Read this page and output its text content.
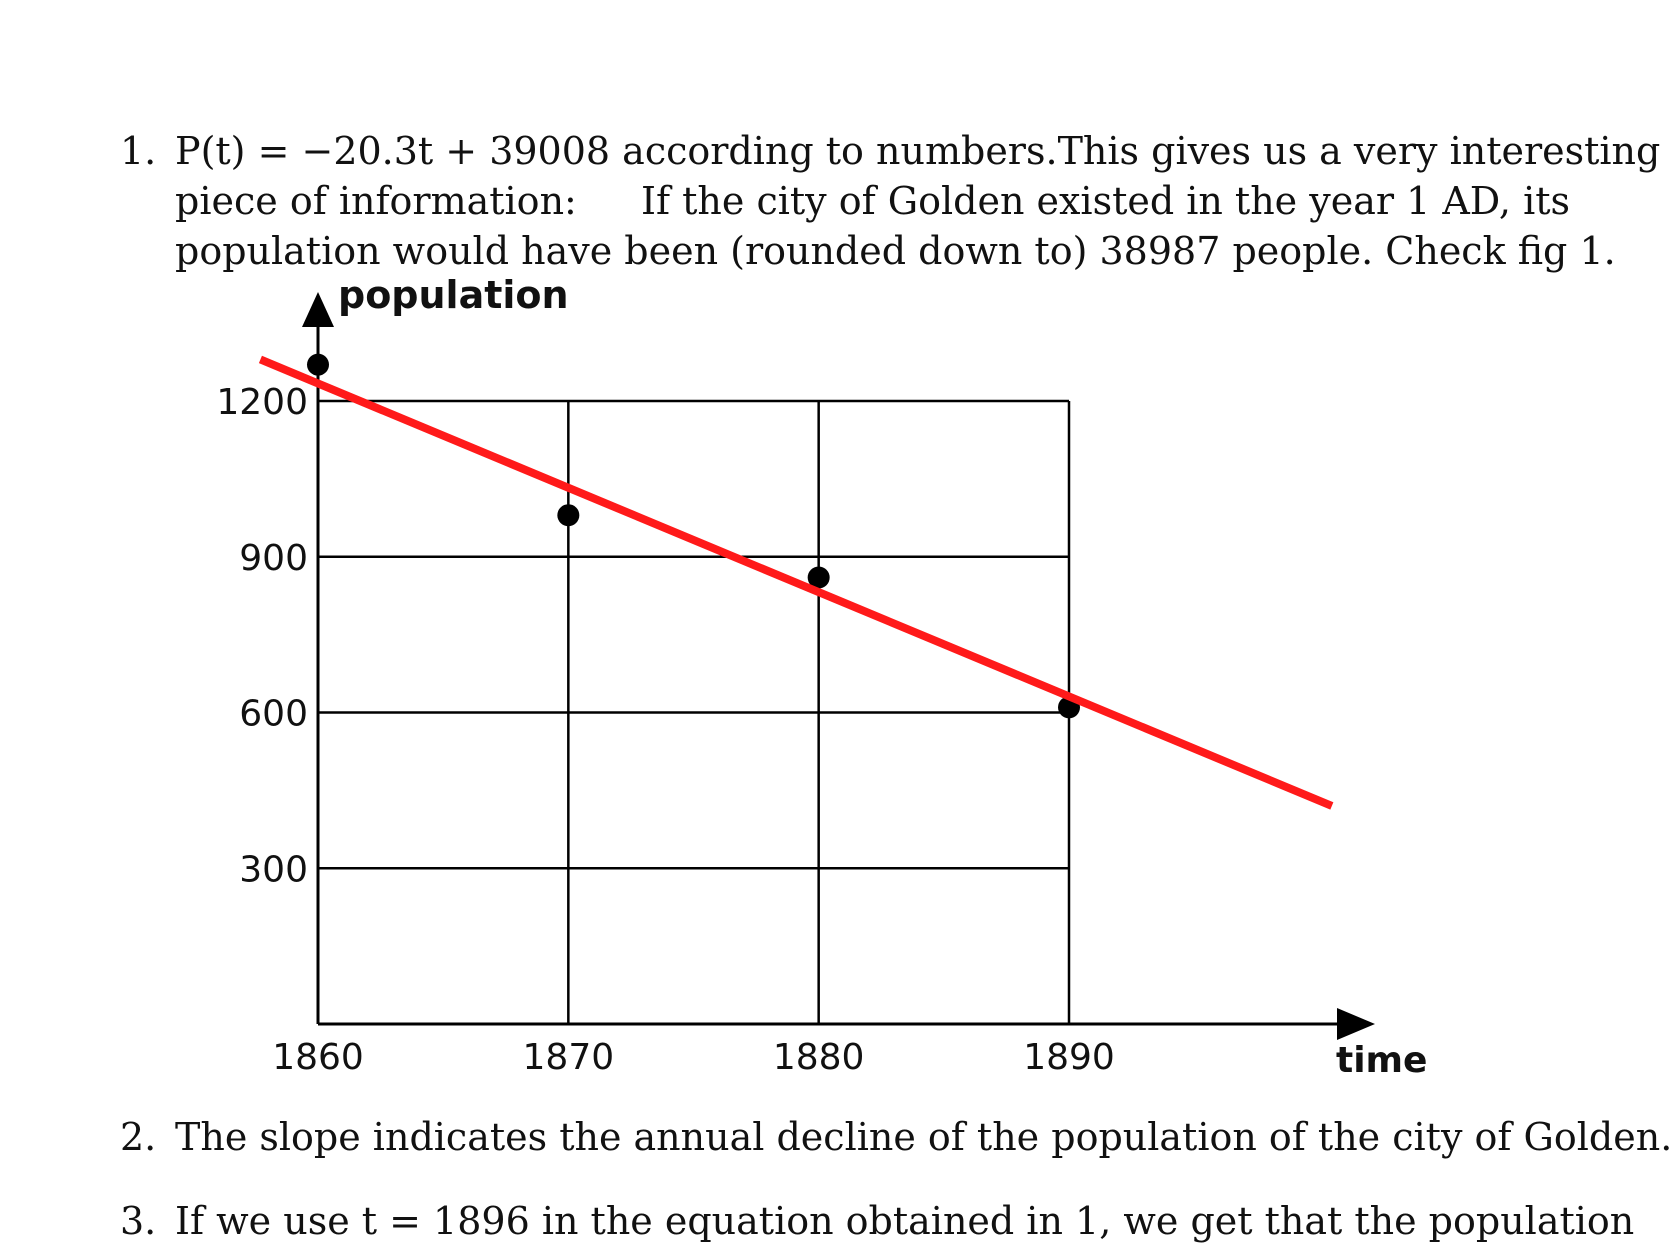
1. P(t) = −20.3t + 39008 according to numbers. This gives us a very interesting
piece of information: If the city of Golden existed in the year 1 AD, its
population would have been (rounded down to) 38987 people. Check fig 1.
300
900
600
1200
1860	1870	1880	1890
population
time
2. The slope indicates the annual decline of the population of the city of Golden.
3. If we use t = 1896 in the equation obtained in 1, we get that the population
